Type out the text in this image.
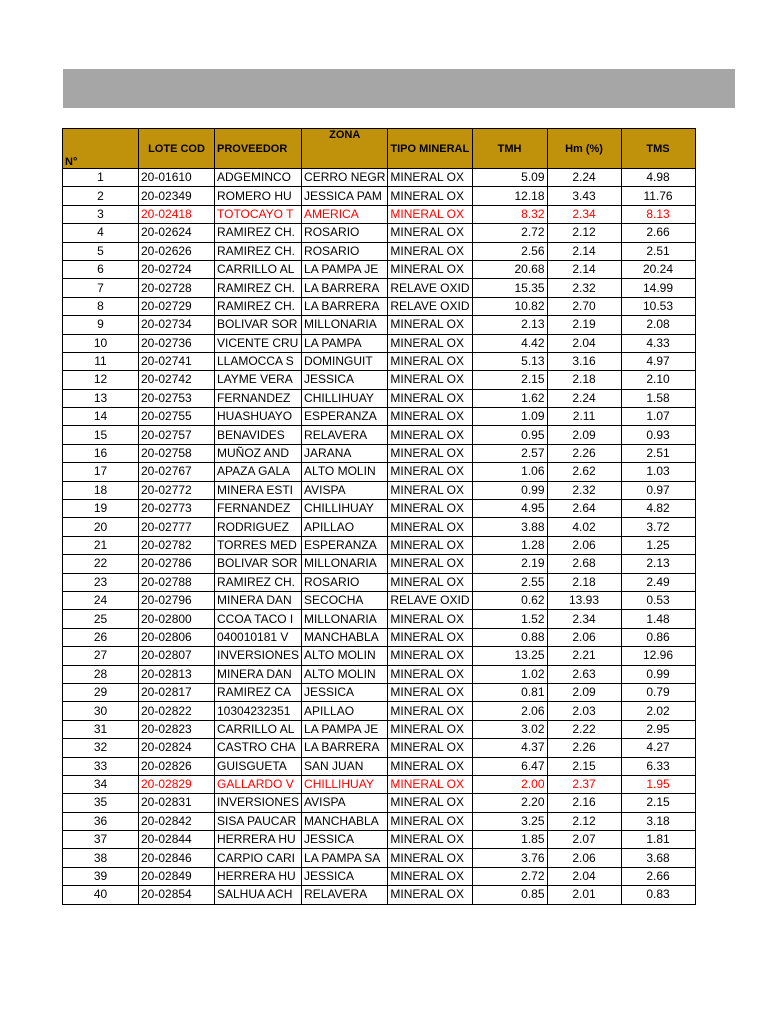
N°	LOTE COD	PROVEEDOR	ZONA	TIPO MINERAL	TMH	Hm (%)	TMS
1	20-01610	ADGEMINCO	CERRO NEGR	MINERAL OX	5.09	2.24	4.98
2	20-02349	ROMERO HU	JESSICA PAM	MINERAL OX	12.18	3.43	11.76
3	20-02418	TOTOCAYO T	AMERICA	MINERAL OX	8.32	2.34	8.13
4	20-02624	RAMIREZ CH.	ROSARIO	MINERAL OX	2.72	2.12	2.66
5	20-02626	RAMIREZ CH.	ROSARIO	MINERAL OX	2.56	2.14	2.51
6	20-02724	CARRILLO AL	LA PAMPA JE	MINERAL OX	20.68	2.14	20.24
7	20-02728	RAMIREZ CH.	LA BARRERA	RELAVE OXID	15.35	2.32	14.99
8	20-02729	RAMIREZ CH.	LA BARRERA	RELAVE OXID	10.82	2.70	10.53
9	20-02734	BOLIVAR SOR	MILLONARIA	MINERAL OX	2.13	2.19	2.08
10	20-02736	VICENTE CRU	LA PAMPA	MINERAL OX	4.42	2.04	4.33
11	20-02741	LLAMOCCA S	DOMINGUIT	MINERAL OX	5.13	3.16	4.97
12	20-02742	LAYME VERA	JESSICA	MINERAL OX	2.15	2.18	2.10
13	20-02753	FERNANDEZ	CHILLIHUAY	MINERAL OX	1.62	2.24	1.58
14	20-02755	HUASHUAYO	ESPERANZA	MINERAL OX	1.09	2.11	1.07
15	20-02757	BENAVIDES	RELAVERA	MINERAL OX	0.95	2.09	0.93
16	20-02758	MUÑOZ AND	JARANA	MINERAL OX	2.57	2.26	2.51
17	20-02767	APAZA GALA	ALTO MOLIN	MINERAL OX	1.06	2.62	1.03
18	20-02772	MINERA ESTI	AVISPA	MINERAL OX	0.99	2.32	0.97
19	20-02773	FERNANDEZ	CHILLIHUAY	MINERAL OX	4.95	2.64	4.82
20	20-02777	RODRIGUEZ	APILLAO	MINERAL OX	3.88	4.02	3.72
21	20-02782	TORRES MED	ESPERANZA	MINERAL OX	1.28	2.06	1.25
22	20-02786	BOLIVAR SOR	MILLONARIA	MINERAL OX	2.19	2.68	2.13
23	20-02788	RAMIREZ CH.	ROSARIO	MINERAL OX	2.55	2.18	2.49
24	20-02796	MINERA DAN	SECOCHA	RELAVE OXID	0.62	13.93	0.53
25	20-02800	CCOA TACO I	MILLONARIA	MINERAL OX	1.52	2.34	1.48
26	20-02806	040010181 V	MANCHABLA	MINERAL OX	0.88	2.06	0.86
27	20-02807	INVERSIONES	ALTO MOLIN	MINERAL OX	13.25	2.21	12.96
28	20-02813	MINERA DAN	ALTO MOLIN	MINERAL OX	1.02	2.63	0.99
29	20-02817	RAMIREZ CA	JESSICA	MINERAL OX	0.81	2.09	0.79
30	20-02822	10304232351	APILLAO	MINERAL OX	2.06	2.03	2.02
31	20-02823	CARRILLO AL	LA PAMPA JE	MINERAL OX	3.02	2.22	2.95
32	20-02824	CASTRO CHA	LA BARRERA	MINERAL OX	4.37	2.26	4.27
33	20-02826	GUISGUETA	SAN JUAN	MINERAL OX	6.47	2.15	6.33
34	20-02829	GALLARDO V	CHILLIHUAY	MINERAL OX	2.00	2.37	1.95
35	20-02831	INVERSIONES	AVISPA	MINERAL OX	2.20	2.16	2.15
36	20-02842	SISA PAUCAR	MANCHABLA	MINERAL OX	3.25	2.12	3.18
37	20-02844	HERRERA HU	JESSICA	MINERAL OX	1.85	2.07	1.81
38	20-02846	CARPIO CARI	LA PAMPA SA	MINERAL OX	3.76	2.06	3.68
39	20-02849	HERRERA HU	JESSICA	MINERAL OX	2.72	2.04	2.66
40	20-02854	SALHUA ACH	RELAVERA	MINERAL OX	0.85	2.01	0.83
